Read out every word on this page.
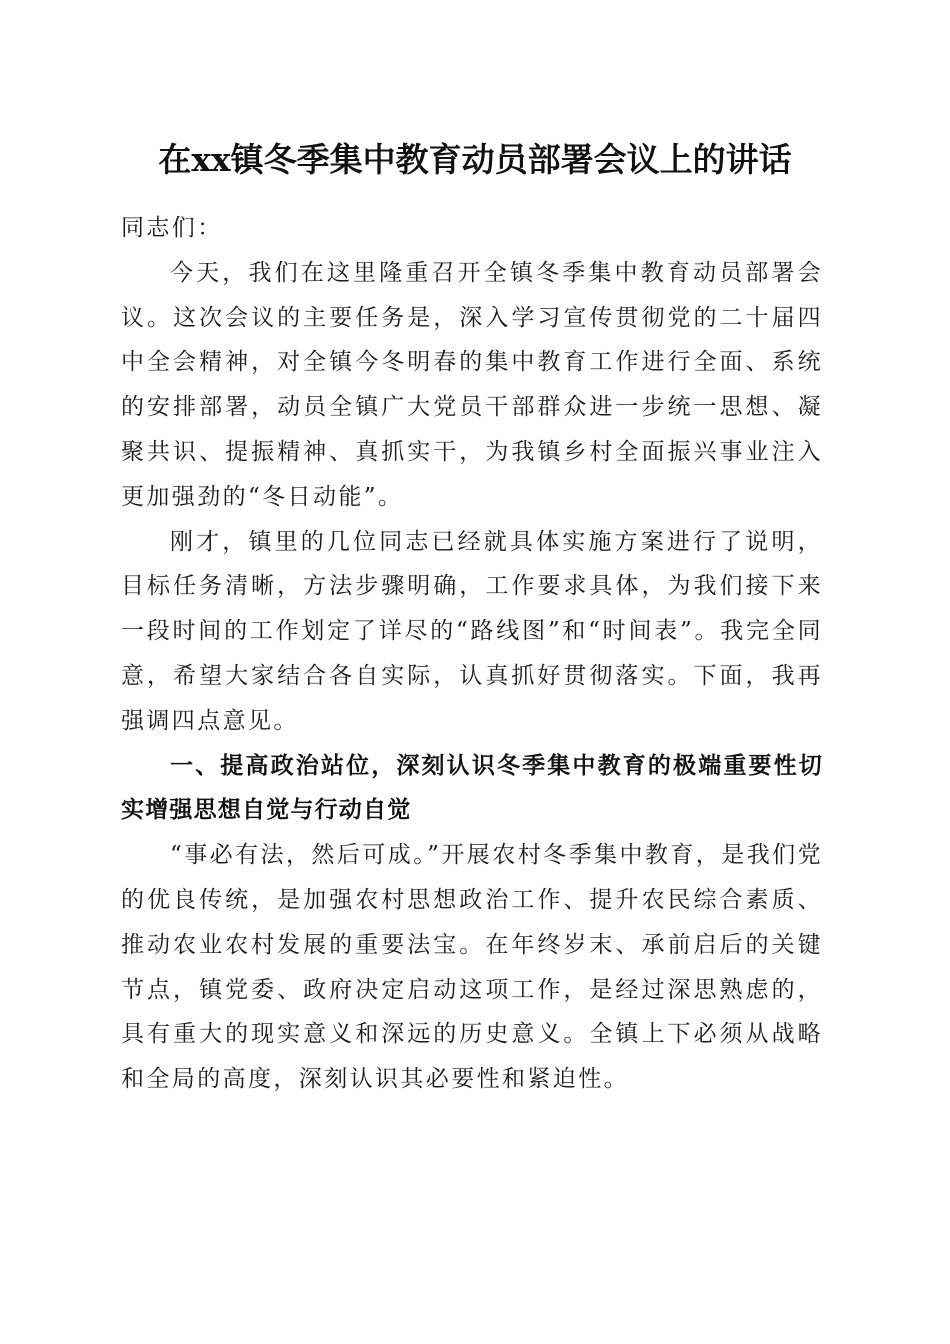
在xx镇冬季集中教育动员部署会议上的讲话

同志们：

今天，我们在这里隆重召开全镇冬季集中教育动员部署会议。这次会议的主要任务是，深入学习宣传贯彻党的二十届四中全会精神，对全镇今冬明春的集中教育工作进行全面、系统的安排部署，动员全镇广大党员干部群众进一步统一思想、凝聚共识、提振精神、真抓实干，为我镇乡村全面振兴事业注入更加强劲的“冬日动能”。

刚才，镇里的几位同志已经就具体实施方案进行了说明，目标任务清晰，方法步骤明确，工作要求具体，为我们接下来一段时间的工作划定了详尽的“路线图”和“时间表”。我完全同意，希望大家结合各自实际，认真抓好贯彻落实。下面，我再强调四点意见。

一、提高政治站位，深刻认识冬季集中教育的极端重要性切实增强思想自觉与行动自觉

“事必有法，然后可成。”开展农村冬季集中教育，是我们党的优良传统，是加强农村思想政治工作、提升农民综合素质、推动农业农村发展的重要法宝。在年终岁末、承前启后的关键节点，镇党委、政府决定启动这项工作，是经过深思熟虑的，具有重大的现实意义和深远的历史意义。全镇上下必须从战略和全局的高度，深刻认识其必要性和紧迫性。
